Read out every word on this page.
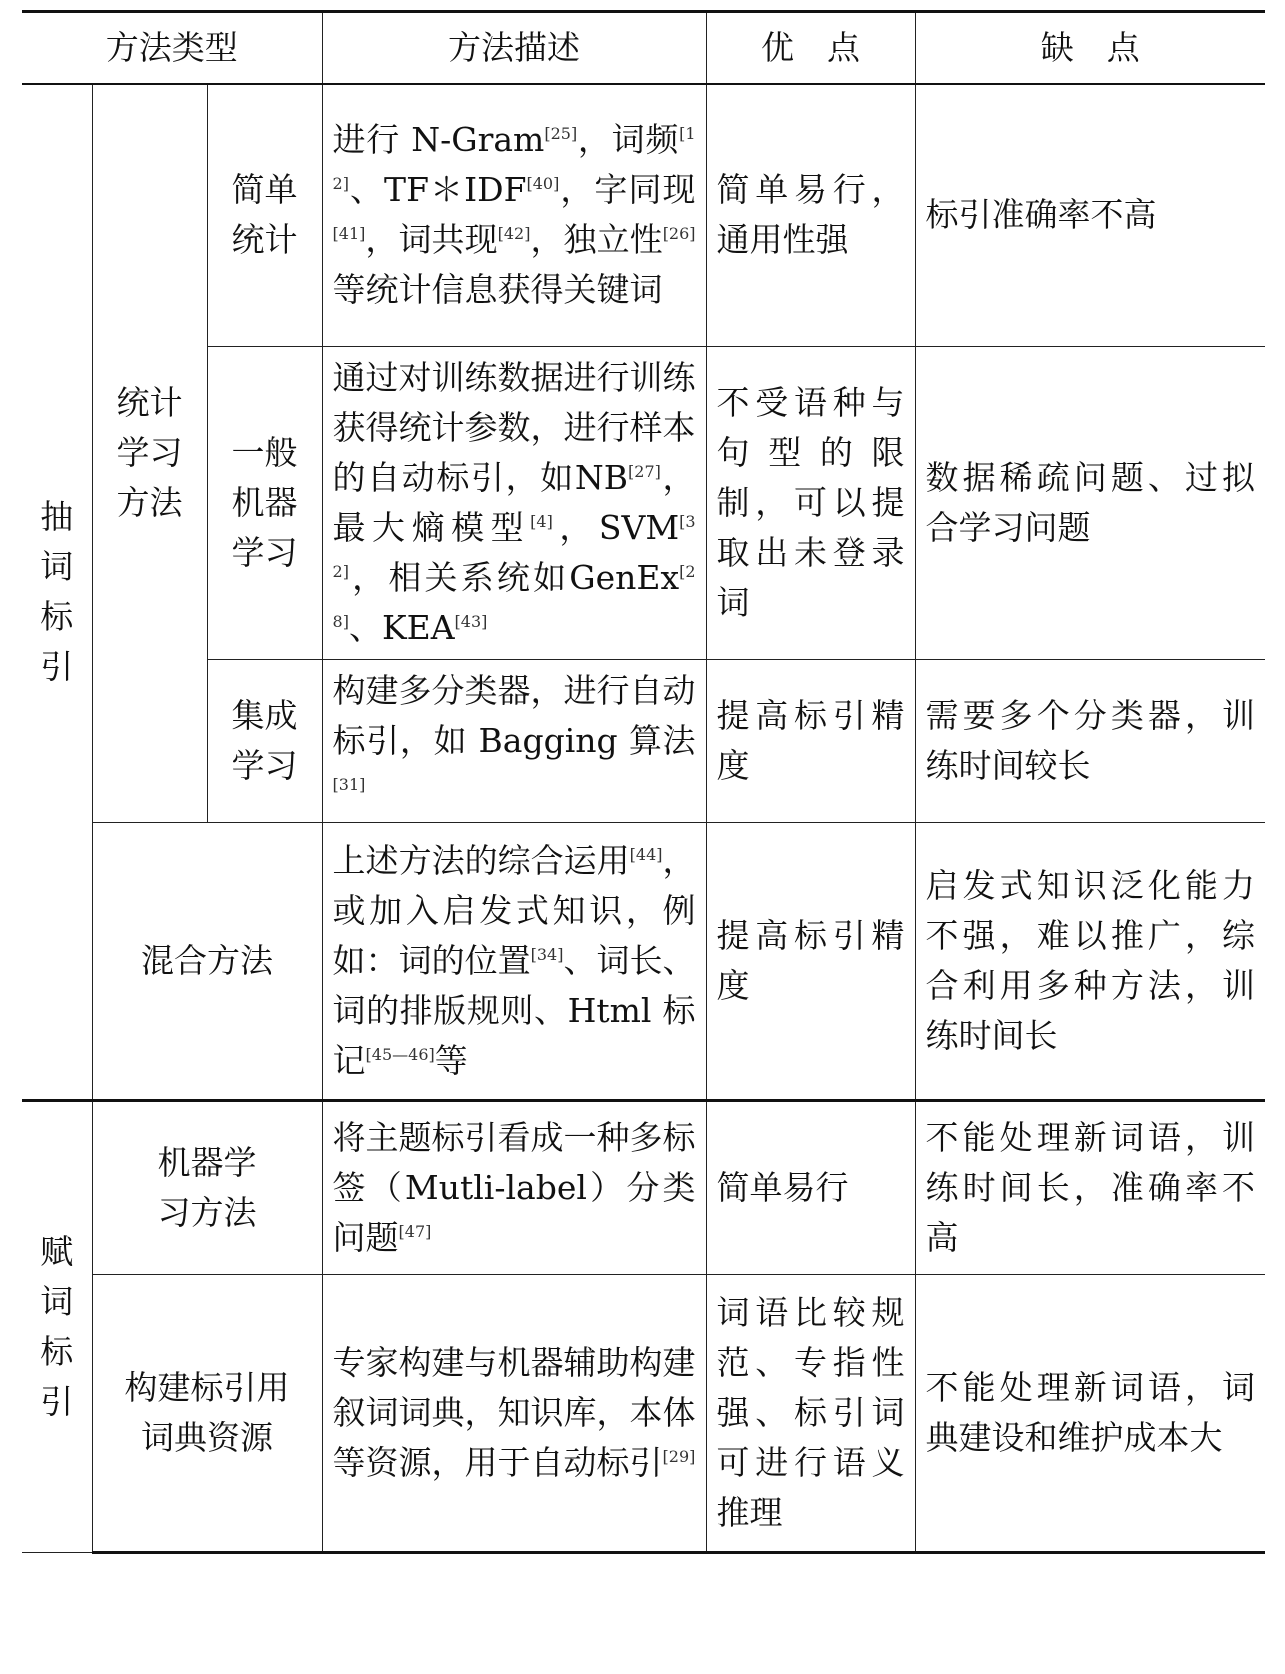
方法类型			方法描述	优　点	缺　点

抽词标引	统计学习方法	简单统计	进行 N-Gram[25]，词频[12]、TF＊IDF[40]，字同现[41]，词共现[42]，独立性[26]等统计信息获得关键词	简单易行，通用性强	标引准确率不高

		一般机器学习	通过对训练数据进行训练获得统计参数，进行样本的自动标引，如NB[27]，最大熵模型[4]，SVM[32]，相关系统如GenEx[28]、KEA[43]	不受语种与句型的限制，可以提取出未登录词	数据稀疏问题、过拟合学习问题

		集成学习	构建多分类器，进行自动标引，如 Bagging 算法[31]	提高标引精度	需要多个分类器，训练时间较长
	混合方法		上述方法的综合运用[44]，或加入启发式知识，例如：词的位置[34]、词长、词的排版规则、Html 标记[45—46]等	提高标引精度	启发式知识泛化能力不强，难以推广，综合利用多种方法，训练时间长

赋词标引	机器学习方法		将主题标引看成一种多标签（Mutli-label）分类问题[47]	简单易行	不能处理新词语，训练时间长，准确率不高

	构建标引用词典资源		专家构建与机器辅助构建叙词词典，知识库，本体等资源，用于自动标引[29]	词语比较规范、专指性强、标引词可进行语义推理	不能处理新词语，词典建设和维护成本大
